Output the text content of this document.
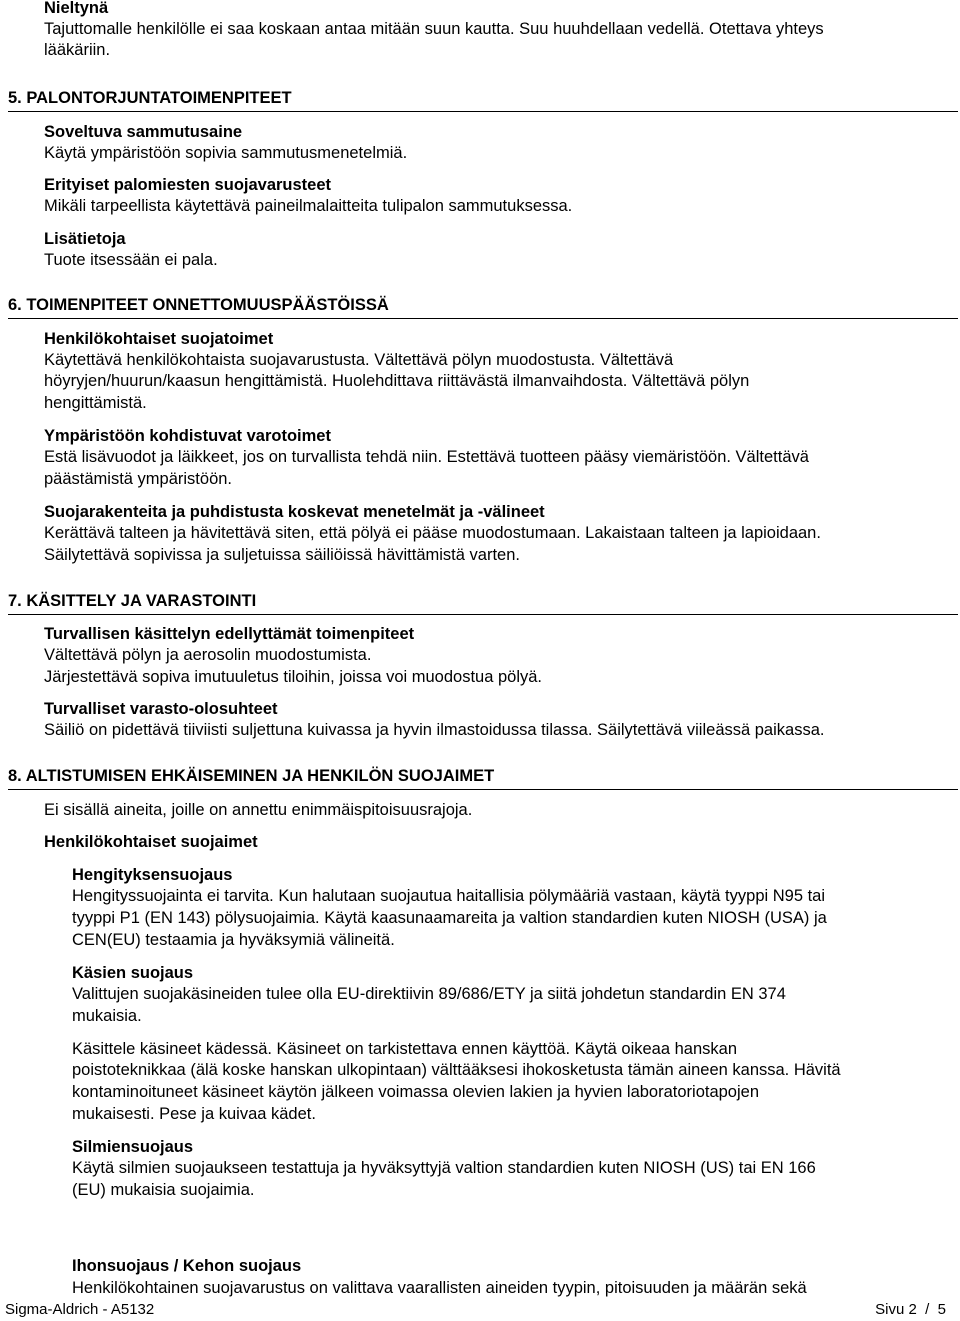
Nieltynä
Tajuttomalle henkilölle ei saa koskaan antaa mitään suun kautta. Suu huuhdellaan vedellä. Otettava yhteys
lääkäriin.
5. PALONTORJUNTATOIMENPITEET
Soveltuva sammutusaine
Käytä ympäristöön sopivia sammutusmenetelmiä.
Erityiset palomiesten suojavarusteet
Mikäli tarpeellista käytettävä paineilmalaitteita tulipalon sammutuksessa.
Lisätietoja
Tuote itsessään ei pala.
6. TOIMENPITEET ONNETTOMUUSPÄÄSTÖISSÄ
Henkilökohtaiset suojatoimet
Käytettävä henkilökohtaista suojavarustusta. Vältettävä pölyn muodostusta. Vältettävä
höyryjen/huurun/kaasun hengittämistä. Huolehdittava riittävästä ilmanvaihdosta. Vältettävä pölyn
hengittämistä.
Ympäristöön kohdistuvat varotoimet
Estä lisävuodot ja läikkeet, jos on turvallista tehdä niin. Estettävä tuotteen pääsy viemäristöön. Vältettävä
päästämistä ympäristöön.
Suojarakenteita ja puhdistusta koskevat menetelmät ja -välineet
Kerättävä talteen ja hävitettävä siten, että pölyä ei pääse muodostumaan. Lakaistaan talteen ja lapioidaan.
Säilytettävä sopivissa ja suljetuissa säiliöissä hävittämistä varten.
7. KÄSITTELY JA VARASTOINTI
Turvallisen käsittelyn edellyttämät toimenpiteet
Vältettävä pölyn ja aerosolin muodostumista.
Järjestettävä sopiva imutuuletus tiloihin, joissa voi muodostua pölyä.
Turvalliset varasto-olosuhteet
Säiliö on pidettävä tiiviisti suljettuna kuivassa ja hyvin ilmastoidussa tilassa. Säilytettävä viileässä paikassa.
8. ALTISTUMISEN EHKÄISEMINEN JA HENKILÖN SUOJAIMET
Ei sisällä aineita, joille on annettu enimmäispitoisuusrajoja.
Henkilökohtaiset suojaimet
Hengityksensuojaus
Hengityssuojainta ei tarvita. Kun halutaan suojautua haitallisia pölymääriä vastaan, käytä tyyppi N95 tai
tyyppi P1 (EN 143) pölysuojaimia. Käytä kaasunaamareita ja valtion standardien kuten NIOSH (USA) ja
CEN(EU) testaamia ja hyväksymiä välineitä.
Käsien suojaus
Valittujen suojakäsineiden tulee olla EU-direktiivin 89/686/ETY ja siitä johdetun standardin EN 374
mukaisia.
Käsittele käsineet kädessä. Käsineet on tarkistettava ennen käyttöä. Käytä oikeaa hanskan
poistoteknikkaa (älä koske hanskan ulkopintaan) välttääksesi ihokosketusta tämän aineen kanssa. Hävitä
kontaminoituneet käsineet käytön jälkeen voimassa olevien lakien ja hyvien laboratoriotapojen
mukaisesti. Pese ja kuivaa kädet.
Silmiensuojaus
Käytä silmien suojaukseen testattuja ja hyväksyttyjä valtion standardien kuten NIOSH (US) tai EN 166
(EU) mukaisia suojaimia.
Ihonsuojaus / Kehon suojaus
Henkilökohtainen suojavarustus on valittava vaarallisten aineiden tyypin, pitoisuuden ja määrän sekä
Sigma-Aldrich - A5132	Sivu 2  /  5
